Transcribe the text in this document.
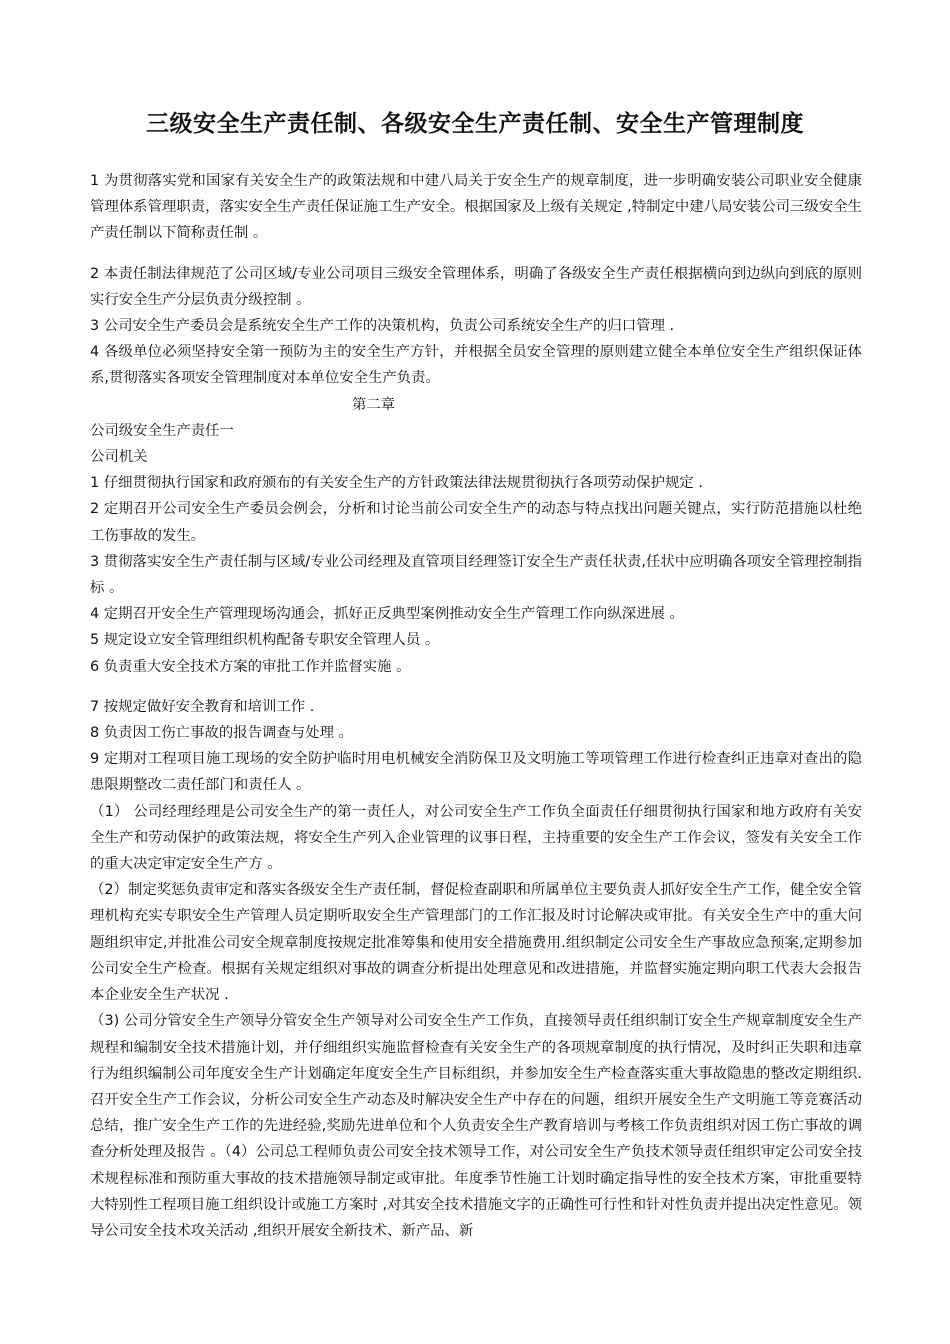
三级安全生产责任制、各级安全生产责任制、安全生产管理制度

1 为贯彻落实党和国家有关安全生产的政策法规和中建八局关于安全生产的规章制度，进一步明确安装公司职业安全健康管理体系管理职责，落实安全生产责任保证施工生产安全。根据国家及上级有关规定 ,特制定中建八局安装公司三级安全生产责任制以下简称责任制 。

2 本责任制法律规范了公司区域/专业公司项目三级安全管理体系，明确了各级安全生产责任根据横向到边纵向到底的原则实行安全生产分层负责分级控制 。

3 公司安全生产委员会是系统安全生产工作的决策机构，负责公司系统安全生产的归口管理 .

4 各级单位必须坚持安全第一预防为主的安全生产方针，并根据全员安全管理的原则建立健全本单位安全生产组织保证体系,贯彻落实各项安全管理制度对本单位安全生产负责。

第二章

公司级安全生产责任一

公司机关

1 仔细贯彻执行国家和政府颁布的有关安全生产的方针政策法律法规贯彻执行各项劳动保护规定 .

2 定期召开公司安全生产委员会例会，分析和讨论当前公司安全生产的动态与特点找出问题关键点，实行防范措施以杜绝工伤事故的发生。

3 贯彻落实安全生产责任制与区域/专业公司经理及直管项目经理签订安全生产责任状责,任状中应明确各项安全管理控制指标 。

4 定期召开安全生产管理现场沟通会，抓好正反典型案例推动安全生产管理工作向纵深进展 。

5 规定设立安全管理组织机构配备专职安全管理人员 。

6 负责重大安全技术方案的审批工作并监督实施 。

7 按规定做好安全教育和培训工作 .

8 负责因工伤亡事故的报告调查与处理 。

9 定期对工程项目施工现场的安全防护临时用电机械安全消防保卫及文明施工等项管理工作进行检查纠正违章对查出的隐患限期整改二责任部门和责任人 。

（1） 公司经理经理是公司安全生产的第一责任人，对公司安全生产工作负全面责任仔细贯彻执行国家和地方政府有关安全生产和劳动保护的政策法规，将安全生产列入企业管理的议事日程，主持重要的安全生产工作会议，签发有关安全工作的重大决定审定安全生产方 。

（2）制定奖惩负责审定和落实各级安全生产责任制，督促检查副职和所属单位主要负责人抓好安全生产工作，健全安全管理机构充实专职安全生产管理人员定期听取安全生产管理部门的工作汇报及时讨论解决或审批。有关安全生产中的重大问题组织审定,并批准公司安全规章制度按规定批准筹集和使用安全措施费用.组织制定公司安全生产事故应急预案,定期参加公司安全生产检查。根据有关规定组织对事故的调查分析提出处理意见和改进措施，并监督实施定期向职工代表大会报告本企业安全生产状况 .

（3) 公司分管安全生产领导分管安全生产领导对公司安全生产工作负，直接领导责任组织制订安全生产规章制度安全生产规程和编制安全技术措施计划，并仔细组织实施监督检查有关安全生产的各项规章制度的执行情况，及时纠正失职和违章行为组织编制公司年度安全生产计划确定年度安全生产目标组织，并参加安全生产检查落实重大事故隐患的整改定期组织.召开安全生产工作会议，分析公司安全生产动态及时解决安全生产中存在的问题，组织开展安全生产文明施工等竞赛活动总结，推广安全生产工作的先进经验,奖励先进单位和个人负责安全生产教育培训与考核工作负责组织对因工伤亡事故的调查分析处理及报告 。（4）公司总工程师负责公司安全技术领导工作，对公司安全生产负技术领导责任组织审定公司安全技术规程标准和预防重大事故的技术措施领导制定或审批。年度季节性施工计划时确定指导性的安全技术方案，审批重要特大特别性工程项目施工组织设计或施工方案时 ,对其安全技术措施文字的正确性可行性和针对性负责并提出决定性意见。领导公司安全技术攻关活动 ,组织开展安全新技术、新产品、新
